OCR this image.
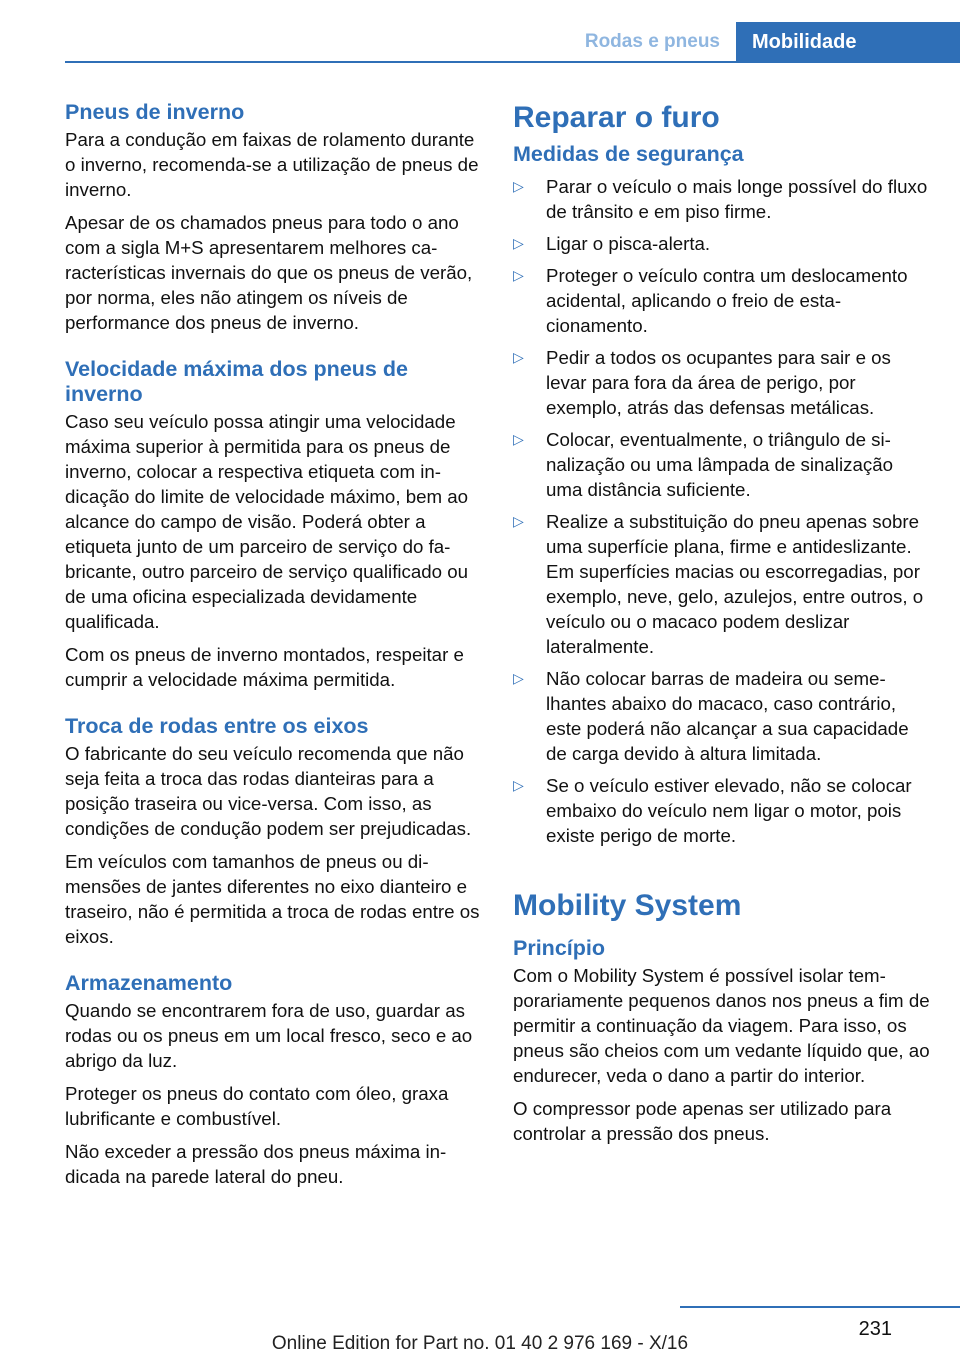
Rodas e pneus	Mobilidade
Pneus de inverno

Para a condução em faixas de rolamento durante o inverno, recomenda-se a utilização de pneus de inverno.

Apesar de os chamados pneus para todo o ano com a sigla M+S apresentarem melhores características invernais do que os pneus de verão, por norma, eles não atingem os níveis de performance dos pneus de inverno.

Velocidade máxima dos pneus de inverno

Caso seu veículo possa atingir uma velocidade máxima superior à permitida para os pneus de inverno, colocar a respectiva etiqueta com indicação do limite de velocidade máximo, bem ao alcance do campo de visão. Poderá obter a etiqueta junto de um parceiro de serviço do fabricante, outro parceiro de serviço qualificado ou de uma oficina especializada devidamente qualificada.

Com os pneus de inverno montados, respeitar e cumprir a velocidade máxima permitida.

Troca de rodas entre os eixos

O fabricante do seu veículo recomenda que não seja feita a troca das rodas dianteiras para a posição traseira ou vice-versa. Com isso, as condições de condução podem ser prejudicadas.

Em veículos com tamanhos de pneus ou dimensões de jantes diferentes no eixo dianteiro e traseiro, não é permitida a troca de rodas entre os eixos.

Armazenamento

Quando se encontrarem fora de uso, guardar as rodas ou os pneus em um local fresco, seco e ao abrigo da luz.

Proteger os pneus do contato com óleo, graxa lubrificante e combustível.

Não exceder a pressão dos pneus máxima indicada na parede lateral do pneu.

Reparar o furo
Medidas de segurança
▷
Parar o veículo o mais longe possível do fluxo de trânsito e em piso firme.
▷
Ligar o pisca-alerta.
▷
Proteger o veículo contra um deslocamento acidental, aplicando o freio de estacionamento.
▷
Pedir a todos os ocupantes para sair e os levar para fora da área de perigo, por exemplo, atrás das defensas metálicas.
▷
Colocar, eventualmente, o triângulo de sinalização ou uma lâmpada de sinalização uma distância suficiente.
▷
Realize a substituição do pneu apenas sobre uma superfície plana, firme e antideslizante. Em superfícies macias ou escorregadias, por exemplo, neve, gelo, azulejos, entre outros, o veículo ou o macaco podem deslizar lateralmente.
▷
Não colocar barras de madeira ou semelhantes abaixo do macaco, caso contrário, este poderá não alcançar a sua capacidade de carga devido à altura limitada.
▷
Se o veículo estiver elevado, não se colocar embaixo do veículo nem ligar o motor, pois existe perigo de morte.
Mobility System
Princípio

Com o Mobility System é possível isolar temporariamente pequenos danos nos pneus a fim de permitir a continuação da viagem. Para isso, os pneus são cheios com um vedante líquido que, ao endurecer, veda o dano a partir do interior.

O compressor pode apenas ser utilizado para controlar a pressão dos pneus.

231
Online Edition for Part no. 01 40 2 976 169 - X/16
